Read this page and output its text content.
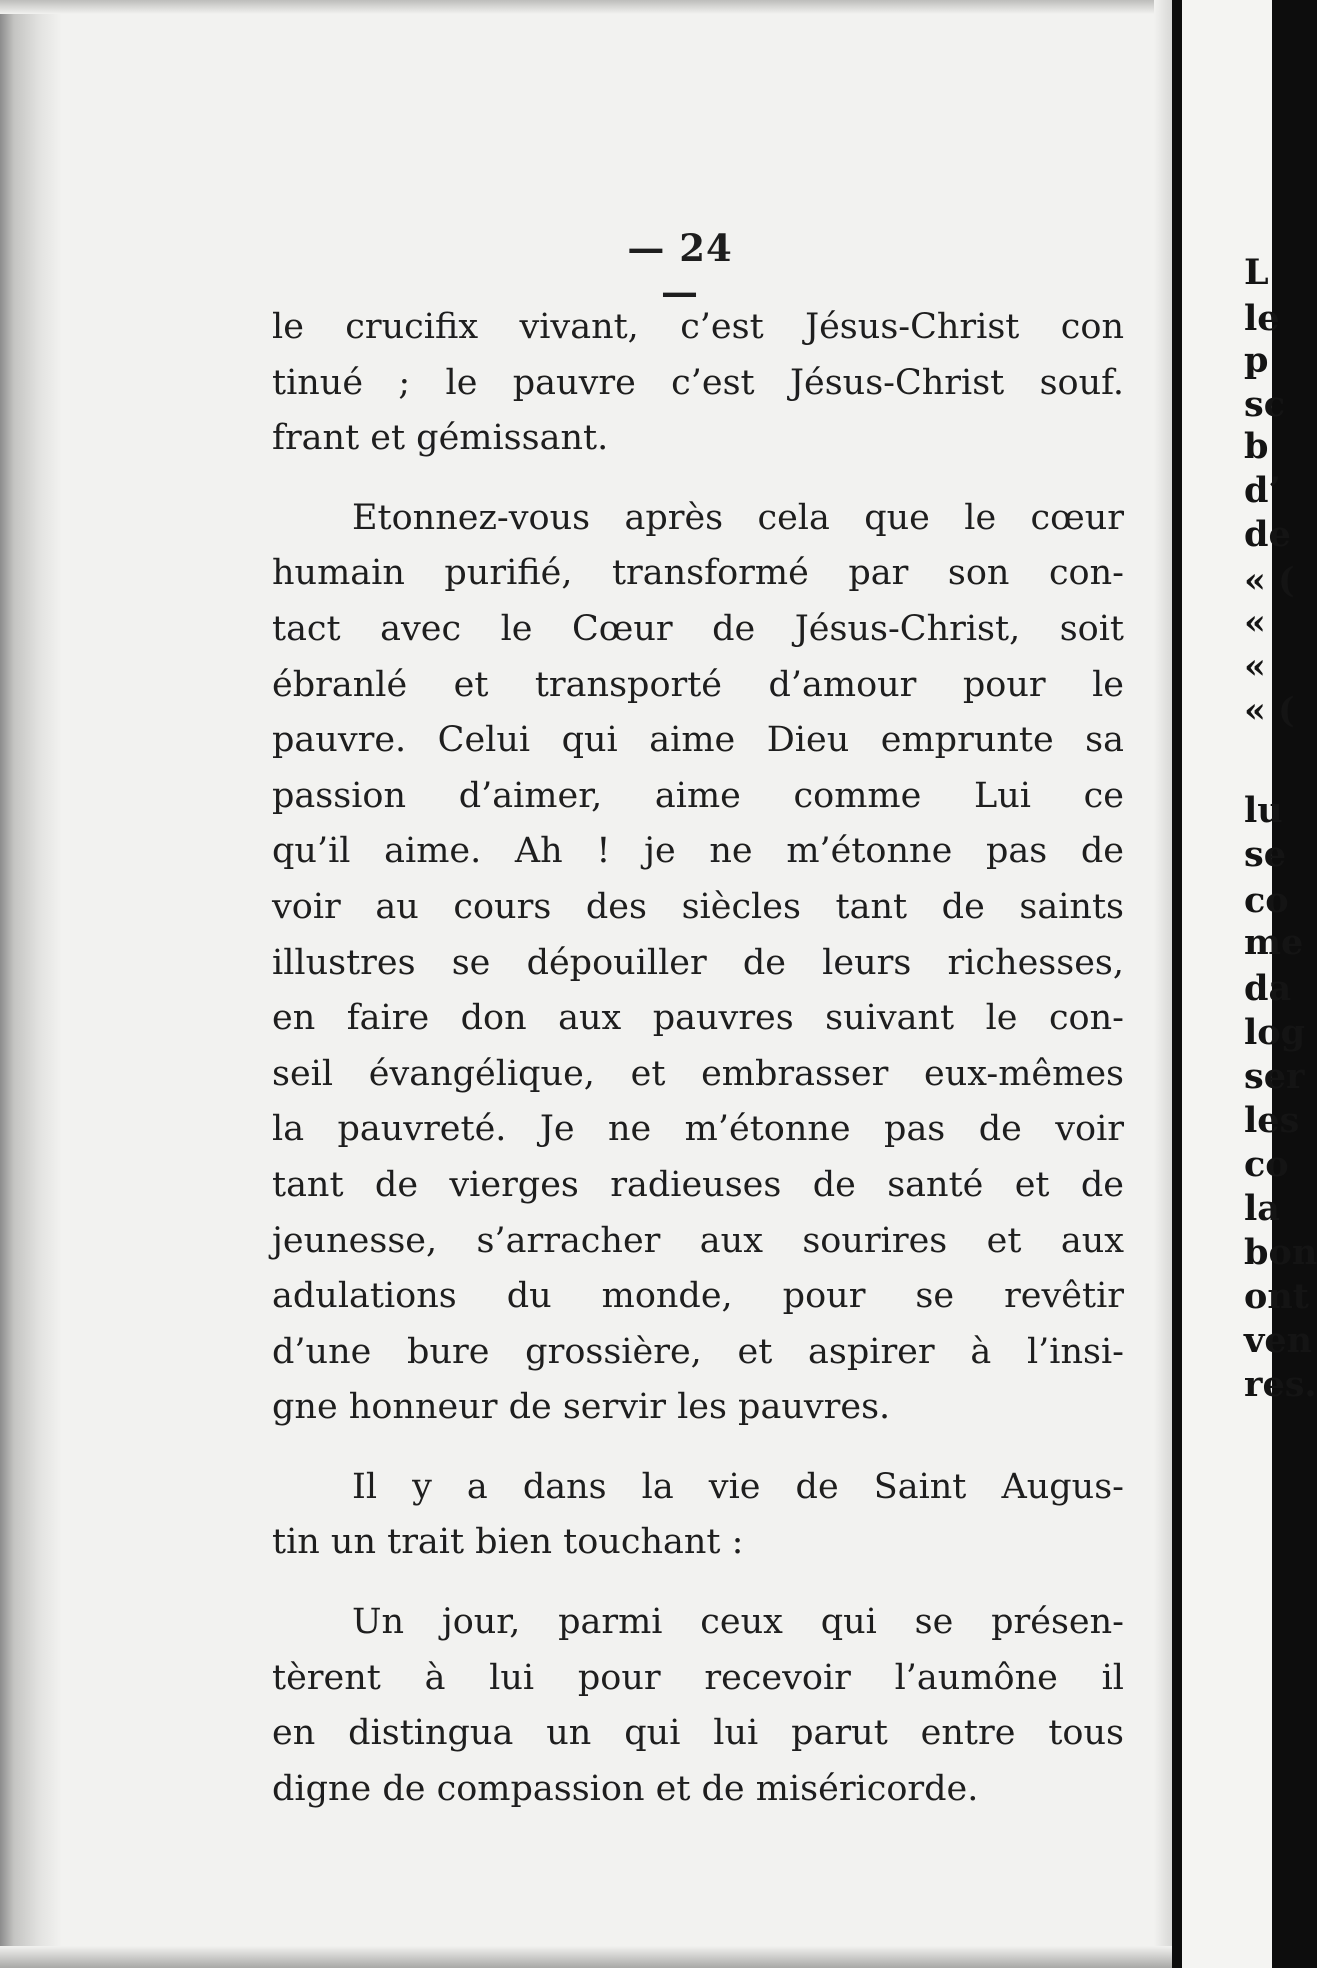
— 24 —
le crucifix vivant, c’est Jésus-Christ con
tinué ; le pauvre c’est Jésus-Christ souf.
frant et gémissant.
Etonnez-vous après cela que le cœur
humain purifié, transformé par son con-
tact avec le Cœur de Jésus-Christ, soit
ébranlé et transporté d’amour pour le
pauvre. Celui qui aime Dieu emprunte sa
passion d’aimer, aime comme Lui ce
qu’il aime. Ah ! je ne m’étonne pas de
voir au cours des siècles tant de saints
illustres se dépouiller de leurs richesses,
en faire don aux pauvres suivant le con-
seil évangélique, et embrasser eux-mêmes
la pauvreté. Je ne m’étonne pas de voir
tant de vierges radieuses de santé et de
jeunesse, s’arracher aux sourires et aux
adulations du monde, pour se revêtir
d’une bure grossière, et aspirer à l’insi-
gne honneur de servir les pauvres.
Il y a dans la vie de Saint Augus-
tin un trait bien touchant :
Un jour, parmi ceux qui se présen-
tèrent à lui pour recevoir l’aumône il
en distingua un qui lui parut entre tous
digne de compassion et de miséricorde.
L
le
p
sc
b
d’
de
« (
«
«
« (
lu
se
co
me
da
log
ser
les
co
la
bon
ont
ven
res.
